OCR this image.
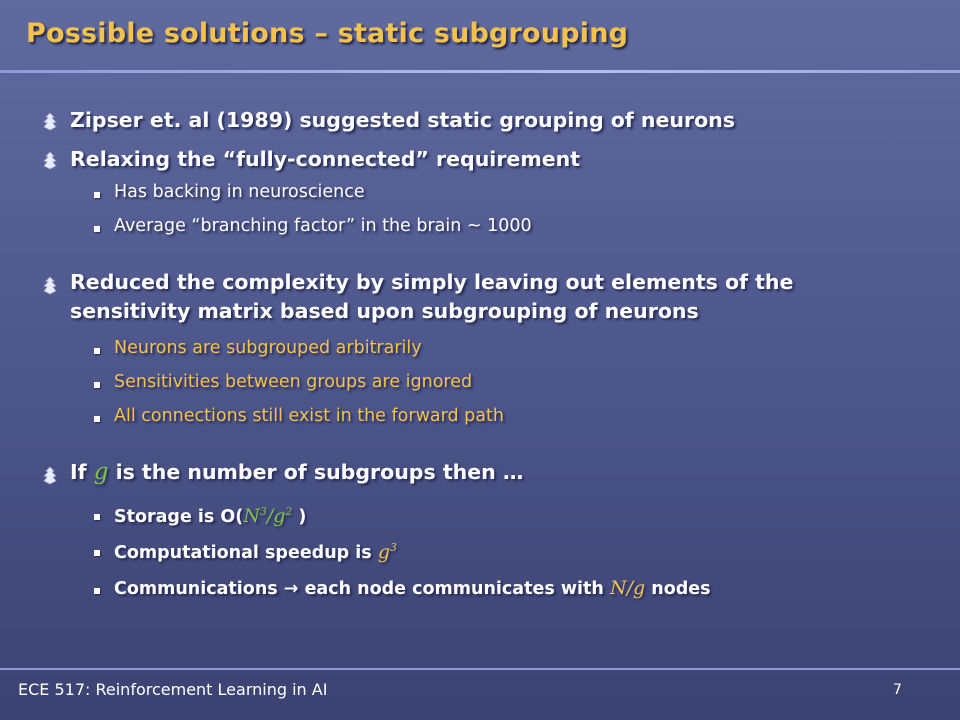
Possible solutions – static subgrouping
Zipser et. al (1989) suggested static grouping of neurons
Relaxing the “fully-connected” requirement
Has backing in neuroscience
Average “branching factor” in the brain ~ 1000
Reduced the complexity by simply leaving out elements of the
sensitivity matrix based upon subgrouping of neurons
Neurons are subgrouped arbitrarily
Sensitivities between groups are ignored
All connections still exist in the forward path
If g is the number of subgroups then …
Storage is $O(N^3/g^2$ )
Computational speedup is $g^3$
Communications → each node communicates with N/g nodes
ECE 517: Reinforcement Learning in AI	7
